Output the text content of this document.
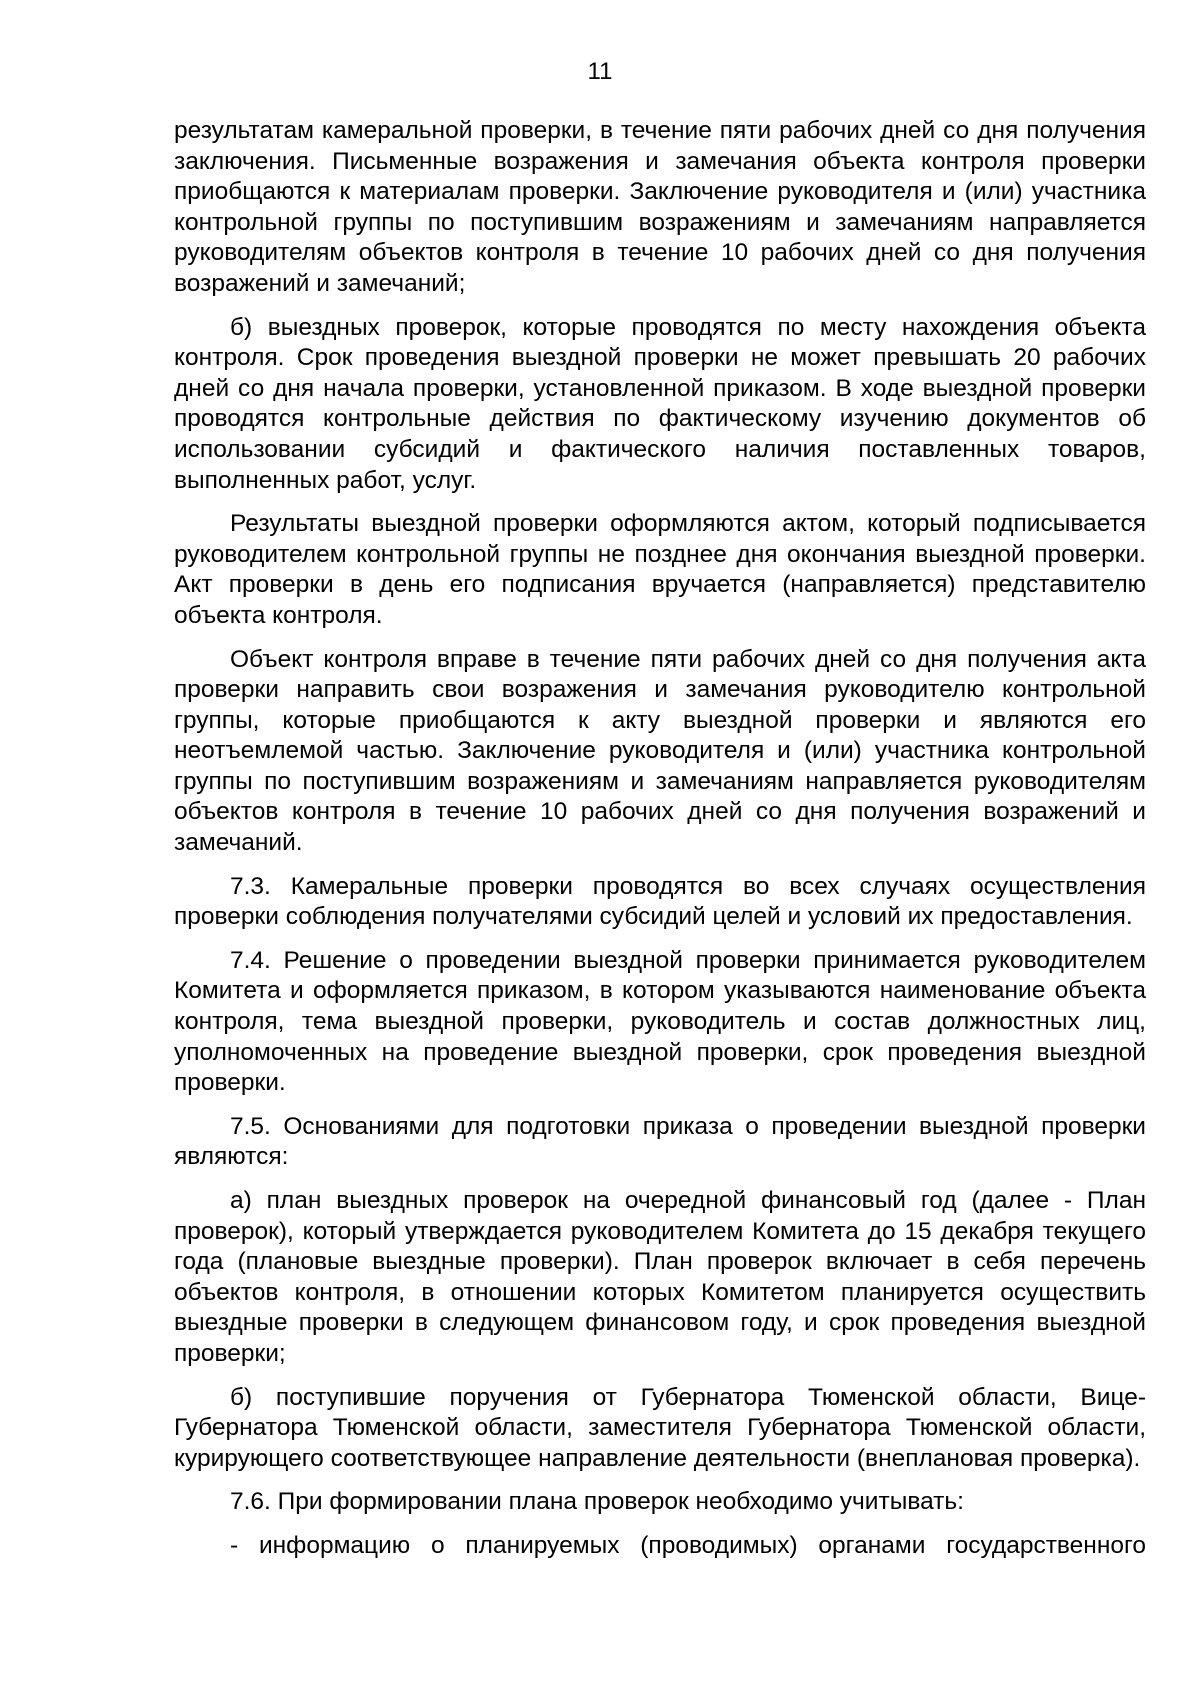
11

результатам камеральной проверки, в течение пяти рабочих дней со дня получения заключения. Письменные возражения и замечания объекта контроля проверки приобщаются к материалам проверки. Заключение руководителя и (или) участника контрольной группы по поступившим возражениям и замечаниям направляется руководителям объектов контроля в течение 10 рабочих дней со дня получения возражений и замечаний;

б) выездных проверок, которые проводятся по месту нахождения объекта контроля. Срок проведения выездной проверки не может превышать 20 рабочих дней со дня начала проверки, установленной приказом. В ходе выездной проверки проводятся контрольные действия по фактическому изучению документов об использовании субсидий и фактического наличия поставленных товаров, выполненных работ, услуг.

Результаты выездной проверки оформляются актом, который подписывается руководителем контрольной группы не позднее дня окончания выездной проверки. Акт проверки в день его подписания вручается (направляется) представителю объекта контроля.

Объект контроля вправе в течение пяти рабочих дней со дня получения акта проверки направить свои возражения и замечания руководителю контрольной группы, которые приобщаются к акту выездной проверки и являются его неотъемлемой частью. Заключение руководителя и (или) участника контрольной группы по поступившим возражениям и замечаниям направляется руководителям объектов контроля в течение 10 рабочих дней со дня получения возражений и замечаний.

7.3. Камеральные проверки проводятся во всех случаях осуществления проверки соблюдения получателями субсидий целей и условий их предоставления.

7.4. Решение о проведении выездной проверки принимается руководителем Комитета и оформляется приказом, в котором указываются наименование объекта контроля, тема выездной проверки, руководитель и состав должностных лиц, уполномоченных на проведение выездной проверки, срок проведения выездной проверки.

7.5. Основаниями для подготовки приказа о проведении выездной проверки являются:

а) план выездных проверок на очередной финансовый год (далее - План проверок), который утверждается руководителем Комитета до 15 декабря текущего года (плановые выездные проверки). План проверок включает в себя перечень объектов контроля, в отношении которых Комитетом планируется осуществить выездные проверки в следующем финансовом году, и срок проведения выездной проверки;

б) поступившие поручения от Губернатора Тюменской области, Вице-Губернатора Тюменской области, заместителя Губернатора Тюменской области, курирующего соответствующее направление деятельности (внеплановая проверка).

7.6. При формировании плана проверок необходимо учитывать:

- информацию о планируемых (проводимых) органами государственного
